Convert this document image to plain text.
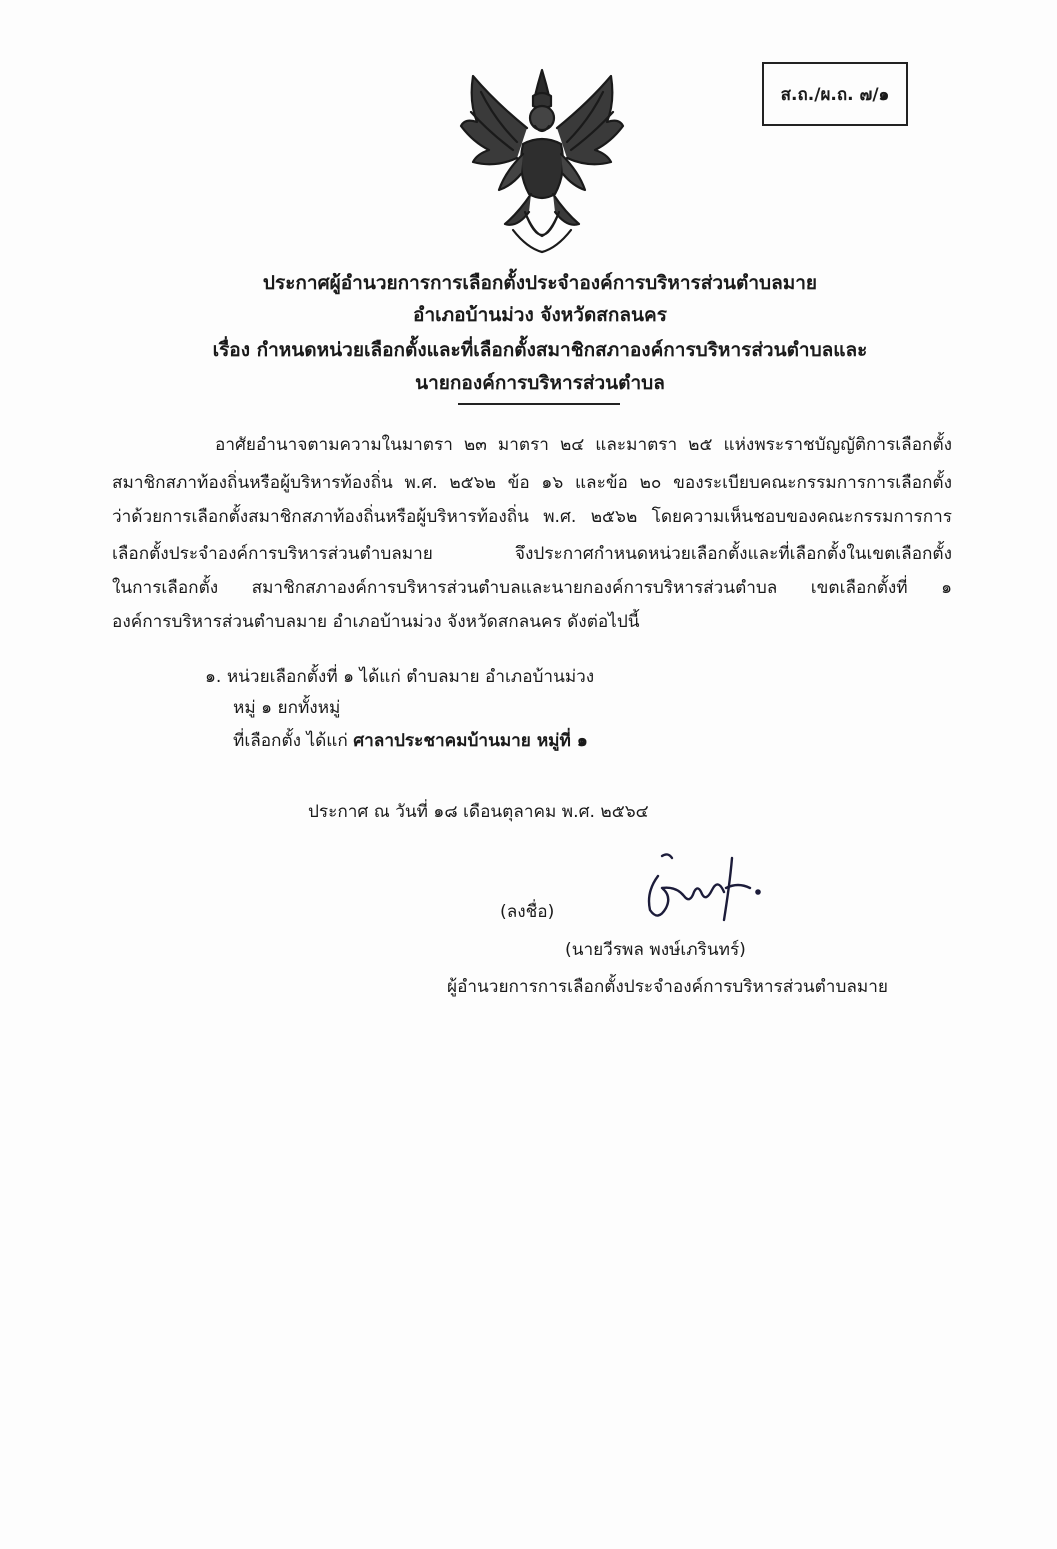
ส.ถ./ผ.ถ. ๗/๑
ประกาศผู้อำนวยการการเลือกตั้งประจำองค์การบริหารส่วนตำบลมาย
อำเภอบ้านม่วง จังหวัดสกลนคร
เรื่อง กำหนดหน่วยเลือกตั้งและที่เลือกตั้งสมาชิกสภาองค์การบริหารส่วนตำบลและ
นายกองค์การบริหารส่วนตำบล
อาศัยอำนาจตามความในมาตรา ๒๓ มาตรา ๒๔ และมาตรา ๒๕ แห่งพระราชบัญญัติการเลือกตั้ง
สมาชิกสภาท้องถิ่นหรือผู้บริหารท้องถิ่น พ.ศ. ๒๕๖๒ ข้อ ๑๖ และข้อ ๒๐ ของระเบียบคณะกรรมการการเลือกตั้ง
ว่าด้วยการเลือกตั้งสมาชิกสภาท้องถิ่นหรือผู้บริหารท้องถิ่น พ.ศ. ๒๕๖๒ โดยความเห็นชอบของคณะกรรมการการ
เลือกตั้งประจำองค์การบริหารส่วนตำบลมาย จึงประกาศกำหนดหน่วยเลือกตั้งและที่เลือกตั้งในเขตเลือกตั้ง
ในการเลือกตั้ง สมาชิกสภาองค์การบริหารส่วนตำบลและนายกองค์การบริหารส่วนตำบล เขตเลือกตั้งที่ ๑
องค์การบริหารส่วนตำบลมาย อำเภอบ้านม่วง จังหวัดสกลนคร ดังต่อไปนี้
๑. หน่วยเลือกตั้งที่ ๑ ได้แก่ ตำบลมาย อำเภอบ้านม่วง
หมู่ ๑ ยกทั้งหมู่
ที่เลือกตั้ง ได้แก่ ศาลาประชาคมบ้านมาย หมู่ที่ ๑
ประกาศ ณ วันที่ ๑๘ เดือนตุลาคม พ.ศ. ๒๕๖๔
(ลงชื่อ)
(นายวีรพล พงษ์เภรินทร์)
ผู้อำนวยการการเลือกตั้งประจำองค์การบริหารส่วนตำบลมาย
